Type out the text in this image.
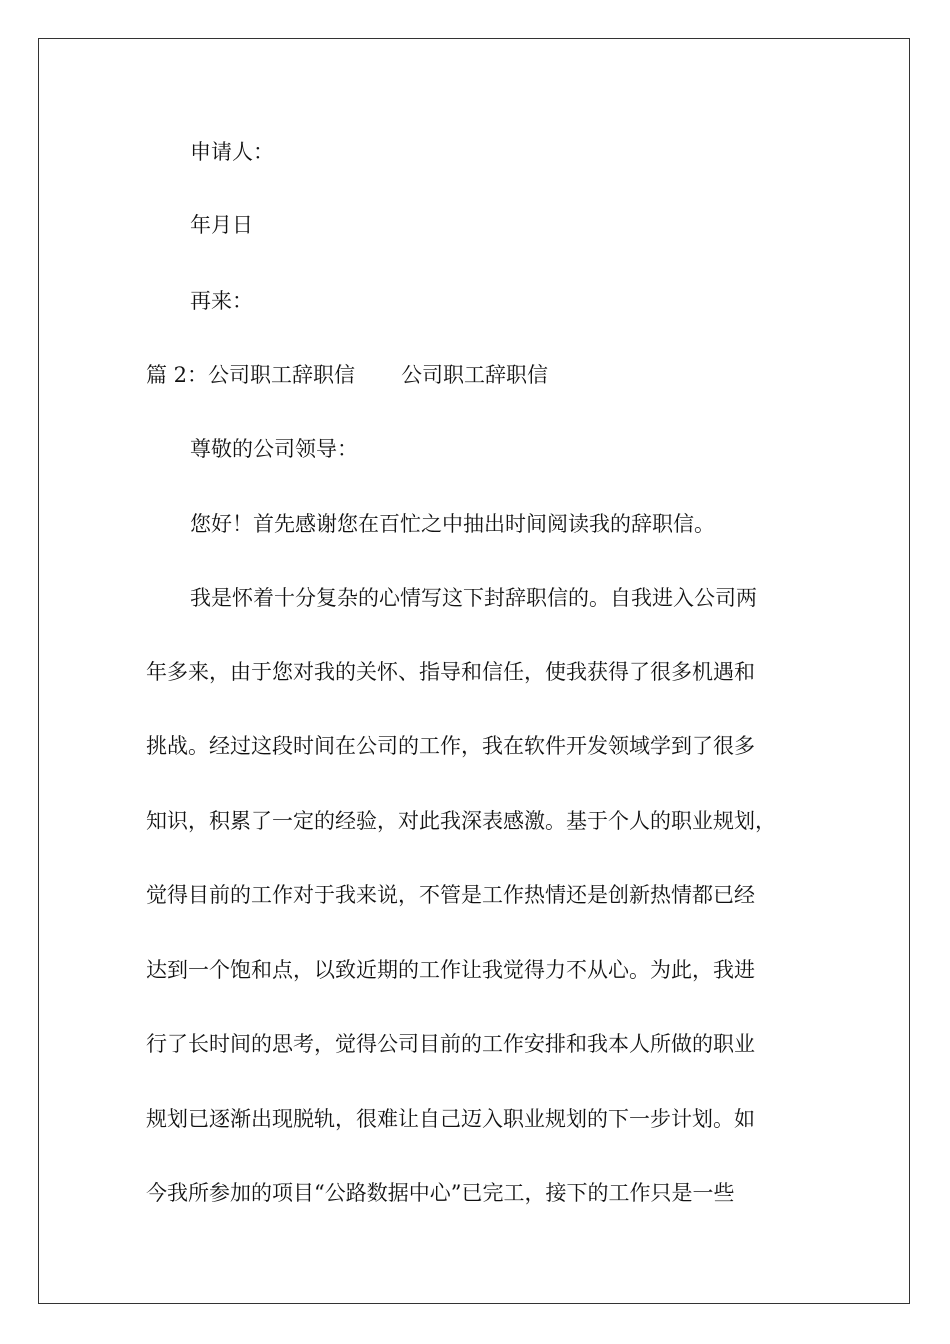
申请人：

年月日

再来：

篇 2：公司职工辞职信 公司职工辞职信

尊敬的公司领导：

您好！首先感谢您在百忙之中抽出时间阅读我的辞职信。

我是怀着十分复杂的心情写这下封辞职信的。自我进入公司两

年多来，由于您对我的关怀、指导和信任，使我获得了很多机遇和

挑战。经过这段时间在公司的工作，我在软件开发领域学到了很多

知识，积累了一定的经验，对此我深表感激。基于个人的职业规划，

觉得目前的工作对于我来说，不管是工作热情还是创新热情都已经

达到一个饱和点，以致近期的工作让我觉得力不从心。为此，我进

行了长时间的思考，觉得公司目前的工作安排和我本人所做的职业

规划已逐渐出现脱轨，很难让自己迈入职业规划的下一步计划。如

今我所参加的项目“公路数据中心”已完工，接下的工作只是一些
